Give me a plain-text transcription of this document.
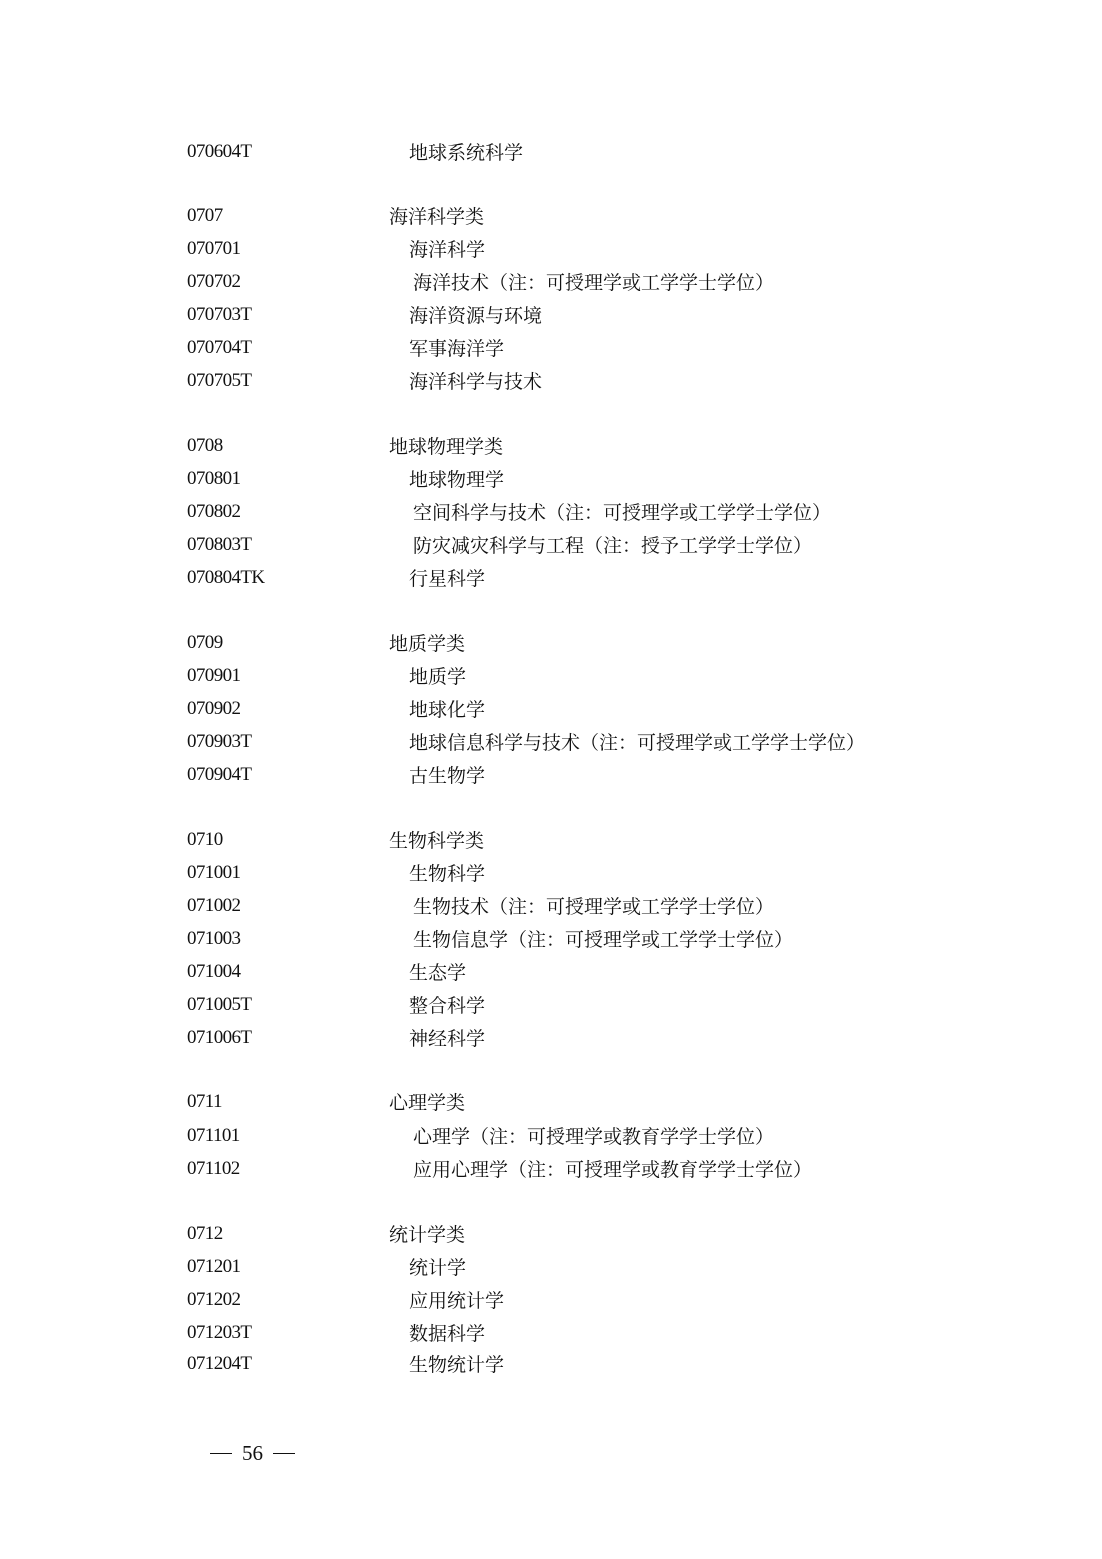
070604T	地球系统科学
0707	海洋科学类
070701	海洋科学
070702	海洋技术（注：可授理学或工学学士学位）
070703T	海洋资源与环境
070704T	军事海洋学
070705T	海洋科学与技术
0708	地球物理学类
070801	地球物理学
070802	空间科学与技术（注：可授理学或工学学士学位）
070803T	防灾减灾科学与工程（注：授予工学学士学位）
070804TK	行星科学
0709	地质学类
070901	地质学
070902	地球化学
070903T	地球信息科学与技术（注：可授理学或工学学士学位）
070904T	古生物学
0710	生物科学类
071001	生物科学
071002	生物技术（注：可授理学或工学学士学位）
071003	生物信息学（注：可授理学或工学学士学位）
071004	生态学
071005T	整合科学
071006T	神经科学
0711	心理学类
071101	心理学（注：可授理学或教育学学士学位）
071102	应用心理学（注：可授理学或教育学学士学位）
0712	统计学类
071201	统计学
071202	应用统计学
071203T	数据科学
071204T	生物统计学
56
